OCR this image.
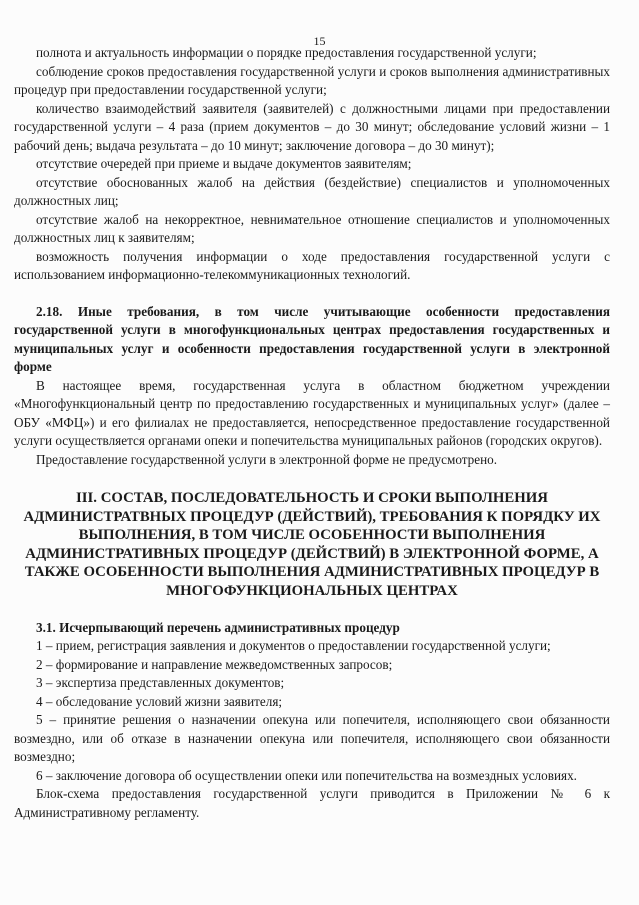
15

полнота и актуальность информации о порядке предоставления государственной услуги;

соблюдение сроков предоставления государственной услуги и сроков выполнения административных процедур при предоставлении государственной услуги;

количество взаимодействий заявителя (заявителей) с должностными лицами при предоставлении государственной услуги – 4 раза (прием документов – до 30 минут; обследование условий жизни – 1 рабочий день; выдача результата – до 10 минут; заключение договора – до 30 минут);

отсутствие очередей при приеме и выдаче документов заявителям;

отсутствие обоснованных жалоб на действия (бездействие) специалистов и уполномоченных должностных лиц;

отсутствие жалоб на некорректное, невнимательное отношение специалистов и уполномоченных должностных лиц к заявителям;

возможность получения информации о ходе предоставления государственной услуги с использованием информационно-телекоммуникационных технологий.

2.18. Иные требования, в том числе учитывающие особенности предоставления государственной услуги в многофункциональных центрах предоставления государственных и муниципальных услуг и особенности предоставления государственной услуги в электронной форме

В настоящее время, государственная услуга в областном бюджетном учреждении «Многофункциональный центр по предоставлению государственных и муниципальных услуг» (далее – ОБУ «МФЦ») и его филиалах не предоставляется, непосредственное предоставление государственной услуги осуществляется органами опеки и попечительства муниципальных районов (городских округов).

Предоставление государственной услуги в электронной форме не предусмотрено.

III. СОСТАВ, ПОСЛЕДОВАТЕЛЬНОСТЬ И СРОКИ ВЫПОЛНЕНИЯ АДМИНИСТРАТВНЫХ ПРОЦЕДУР (ДЕЙСТВИЙ), ТРЕБОВАНИЯ К ПОРЯДКУ ИХ ВЫПОЛНЕНИЯ, В ТОМ ЧИСЛЕ ОСОБЕННОСТИ ВЫПОЛНЕНИЯ АДМИНИСТРАТИВНЫХ ПРОЦЕДУР (ДЕЙСТВИЙ) В ЭЛЕКТРОННОЙ ФОРМЕ, А ТАКЖЕ ОСОБЕННОСТИ ВЫПОЛНЕНИЯ АДМИНИСТРАТИВНЫХ ПРОЦЕДУР В МНОГОФУНКЦИОНАЛЬНЫХ ЦЕНТРАХ

3.1. Исчерпывающий перечень административных процедур

1 – прием, регистрация заявления и документов о предоставлении государственной услуги;

2 – формирование и направление межведомственных запросов;

3 – экспертиза представленных документов;

4 – обследование условий жизни заявителя;

5 – принятие решения о назначении опекуна или попечителя, исполняющего свои обязанности возмездно, или об отказе в назначении опекуна или попечителя, исполняющего свои обязанности возмездно;

6 – заключение договора об осуществлении опеки или попечительства на возмездных условиях.

Блок-схема предоставления государственной услуги приводится в Приложении № 6 к Административному регламенту.
